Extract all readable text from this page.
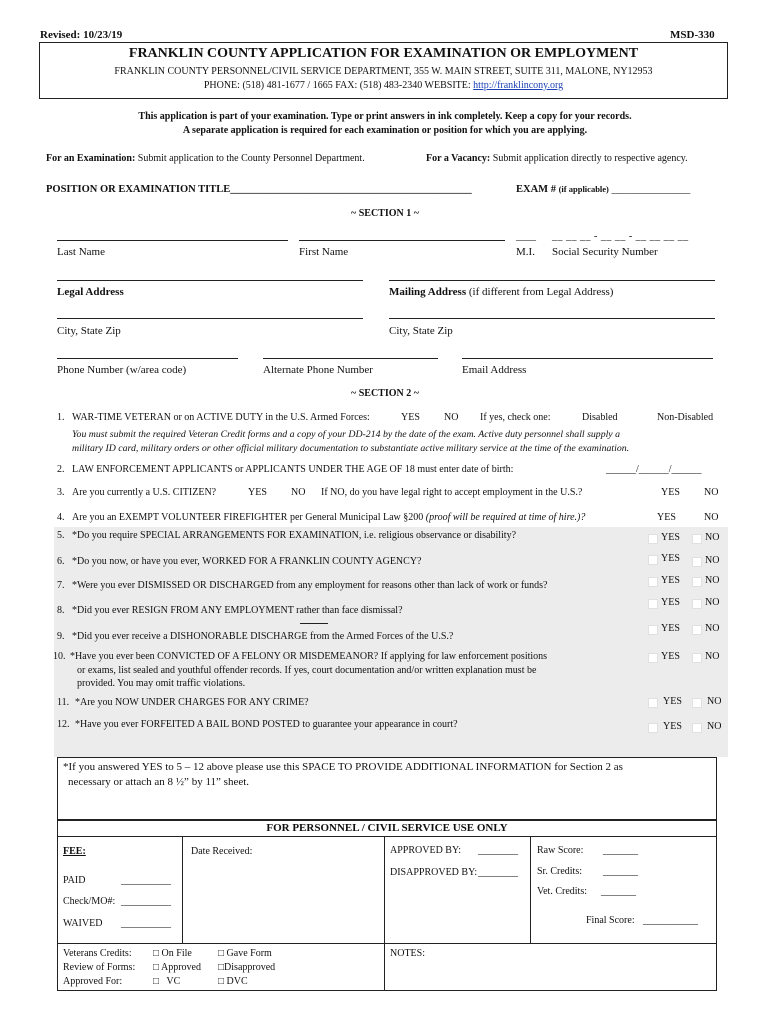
Revised: 10/23/19	MSD-330
FRANKLIN COUNTY APPLICATION FOR EXAMINATION OR EMPLOYMENT
FRANKLIN COUNTY PERSONNEL/CIVIL SERVICE DEPARTMENT, 355 W. MAIN STREET, SUITE 311, MALONE, NY12953
PHONE: (518) 481-1677 / 1665 FAX: (518) 483-2340 WEBSITE: http://franklincony.org
This application is part of your examination. Type or print answers in ink completely. Keep a copy for your records.
A separate application is required for each examination or position for which you are applying.
For an Examination: Submit application to the County Personnel Department.	For a Vacancy: Submit application directly to respective agency.
POSITION OR EXAMINATION TITLE______________________________________________	EXAM # (if applicable) _______________
~ SECTION 1 ~
____ __ __ __ - __ __ - __ __ __ __
Last Name	First Name	M.I. Social Security Number
Legal Address	Mailing Address (if different from Legal Address)
City, State Zip	City, State Zip
Phone Number (w/area code)	Alternate Phone Number	Email Address
~ SECTION 2 ~
1. WAR-TIME VETERAN or on ACTIVE DUTY in the U.S. Armed Forces:	YES NO If yes, check one:	Disabled	Non-Disabled
You must submit the required Veteran Credit forms and a copy of your DD-214 by the date of the exam. Active duty personnel shall supply a
military ID card, military orders or other official military documentation to substantiate active military service at the time of the examination.
2. LAW ENFORCEMENT APPLICANTS or APPLICANTS UNDER THE AGE OF 18 must enter date of birth:	______/______/______
3. Are you currently a U.S. CITIZEN?	YES NO If NO, do you have legal right to accept employment in the U.S.?	YES NO
4. Are you an EXEMPT VOLUNTEER FIREFIGHTER per General Municipal Law §200 (proof will be required at time of hire.)?	YES	NO
5. *Do you require SPECIAL ARRANGEMENTS FOR EXAMINATION, i.e. religious observance or disability?	YES	NO
6. *Do you now, or have you ever, WORKED FOR A FRANKLIN COUNTY AGENCY?	YES	NO
7. *Were you ever DISMISSED OR DISCHARGED from any employment for reasons other than lack of work or funds?	YES	NO
8. *Did you ever RESIGN FROM ANY EMPLOYMENT rather than face dismissal?
YES	NO
9. *Did you ever receive a DISHONORABLE DISCHARGE from the Armed Forces of the U.S.?
YES	NO
10. *Have you ever been CONVICTED OF A FELONY OR MISDEMEANOR? If applying for law enforcement positions
or exams, list sealed and youthful offender records. If yes, court documentation and/or written explanation must be
provided. You may omit traffic violations.
YES	NO
11. *Are you NOW UNDER CHARGES FOR ANY CRIME?	YES	NO
12. *Have you ever FORFEITED A BAIL BOND POSTED to guarantee your appearance in court?	YES	NO
*If you answered YES to 5 – 12 above please use this SPACE TO PROVIDE ADDITIONAL INFORMATION for Section 2 as
necessary or attach an 8 ½” by 11” sheet.
FOR PERSONNEL / CIVIL SERVICE USE ONLY
FEE:
PAID	__________
Check/MO#: __________
WAIVED __________
Date Received:	APPROVED BY: ________
DISAPPROVED BY: ________
Raw Score: _______
Sr. Credits: _______
Vet. Credits: _______
Final Score: ___________
Veterans Credits: □ On File	□ Gave Form
Review of Forms: □ Approved □Disapproved
Approved For:	□ VC	□ DVC
NOTES:
